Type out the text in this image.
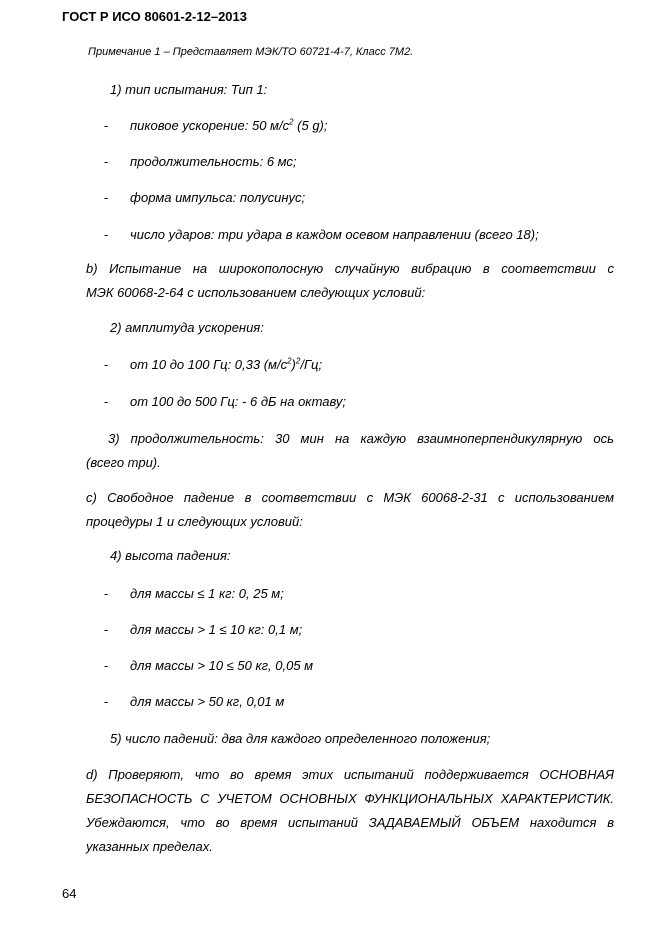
ГОСТ Р ИСО 80601-2-12–2013
Примечание 1 – Представляет МЭК/ТО 60721-4-7, Класс 7М2.
1) тип испытания: Тип 1:
- пиковое ускорение: 50 $м/с^2$ (5 g);
- продолжительность: 6 мс;
- форма импульса: полусинус;
- число ударов: три удара в каждом осевом направлении (всего 18);
b) Испытание на широкополосную случайную вибрацию в соответствии с
МЭК 60068-2-64 с использованием следующих условий:
2) амплитуда ускорения:
- от 10 до 100 Гц: 0,33 $(м/с^2)^2/Гц$;
- от 100 до 500 Гц: - 6 дБ на октаву;
3) продолжительность: 30 мин на каждую взаимноперпендикулярную ось
(всего три).
c) Свободное падение в соответствии с МЭК 60068-2-31 с использованием
процедуры 1 и следующих условий:
4) высота падения:
- для массы ≤ 1 кг: 0, 25 м;
- для массы > 1 ≤ 10 кг: 0,1 м;
- для массы > 10 ≤ 50 кг, 0,05 м
- для массы > 50 кг, 0,01 м
5) число падений: два для каждого определенного положения;
d) Проверяют, что во время этих испытаний поддерживается ОСНОВНАЯ
БЕЗОПАСНОСТЬ С УЧЕТОМ ОСНОВНЫХ ФУНКЦИОНАЛЬНЫХ ХАРАКТЕРИСТИК.
Убеждаются, что во время испытаний ЗАДАВАЕМЫЙ ОБЪЕМ находится в
указанных пределах.
64
